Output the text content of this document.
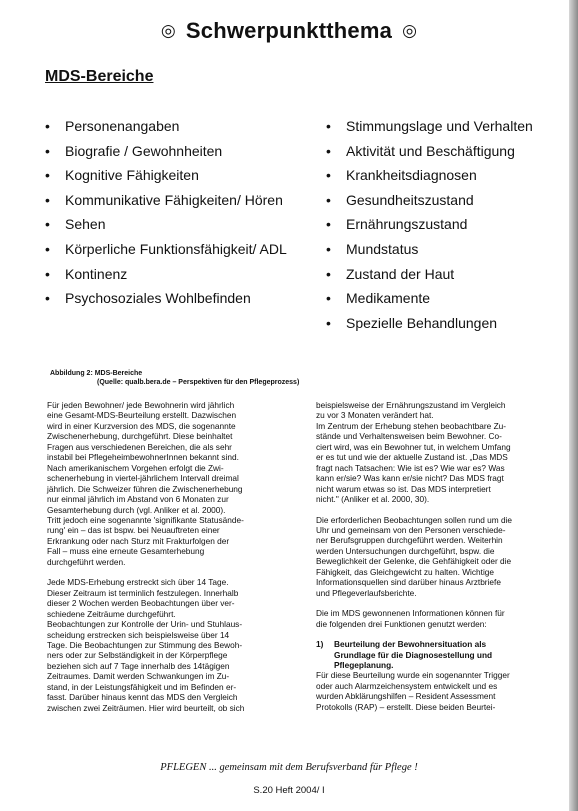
◎ Schwerpunktthema ◎
MDS-Bereiche
• Personenangaben
• Biografie / Gewohnheiten
• Kognitive Fähigkeiten
• Kommunikative Fähigkeiten/ Hören
• Sehen
• Körperliche Funktionsfähigkeit/ ADL
• Kontinenz
• Psychosoziales Wohlbefinden
• Stimmungslage und Verhalten
• Aktivität und Beschäftigung
• Krankheitsdiagnosen
• Gesundheitszustand
• Ernährungszustand
• Mundstatus
• Zustand der Haut
• Medikamente
• Spezielle Behandlungen
Abbildung 2: MDS-Bereiche
(Quelle: qualb.bera.de – Perspektiven für den Pflegeprozess)

Für jeden Bewohner/ jede Bewohnerin wird jährlich
eine Gesamt-MDS-Beurteilung erstellt. Dazwischen
wird in einer Kurzversion des MDS, die sogenannte
Zwischenerhebung, durchgeführt. Diese beinhaltet
Fragen aus verschiedenen Bereichen, die als sehr
instabil bei PflegeheimbewohnerInnen bekannt sind.
Nach amerikanischem Vorgehen erfolgt die Zwi-
schenerhebung in viertel-jährlichem Intervall dreimal
jährlich. Die Schweizer führen die Zwischenerhebung
nur einmal jährlich im Abstand von 6 Monaten zur
Gesamterhebung durch (vgl. Anliker et al. 2000).
Tritt jedoch eine sogenannte 'signifikante Statusände-
rung' ein – das ist bspw. bei Neuauftreten einer
Erkrankung oder nach Sturz mit Frakturfolgen der
Fall – muss eine erneute Gesamterhebung
durchgeführt werden.

Jede MDS-Erhebung erstreckt sich über 14 Tage.
Dieser Zeitraum ist terminlich festzulegen. Innerhalb
dieser 2 Wochen werden Beobachtungen über ver-
schiedene Zeiträume durchgeführt.
Beobachtungen zur Kontrolle der Urin- und Stuhlaus-
scheidung erstrecken sich beispielsweise über 14
Tage. Die Beobachtungen zur Stimmung des Bewoh-
ners oder zur Selbständigkeit in der Körperpflege
beziehen sich auf 7 Tage innerhalb des 14tägigen
Zeitraumes. Damit werden Schwankungen im Zu-
stand, in der Leistungsfähigkeit und im Befinden er-
fasst. Darüber hinaus kennt das MDS den Vergleich
zwischen zwei Zeiträumen. Hier wird beurteilt, ob sich

beispielsweise der Ernährungszustand im Vergleich
zu vor 3 Monaten verändert hat.
Im Zentrum der Erhebung stehen beobachtbare Zu-
stände und Verhaltensweisen beim Bewohner. Co-
ciert wird, was ein Bewohner tut, in welchem Umfang
er es tut und wie der aktuelle Zustand ist. „Das MDS
fragt nach Tatsachen: Wie ist es? Wie war es? Was
kann er/sie? Was kann er/sie nicht? Das MDS fragt
nicht warum etwas so ist. Das MDS interpretiert
nicht." (Anliker et al. 2000, 30).

Die erforderlichen Beobachtungen sollen rund um die
Uhr und gemeinsam von den Personen verschiede-
ner Berufsgruppen durchgeführt werden. Weiterhin
werden Untersuchungen durchgeführt, bspw. die
Beweglichkeit der Gelenke, die Gehfähigkeit oder die
Fähigkeit, das Gleichgewicht zu halten. Wichtige
Informationsquellen sind darüber hinaus Arztbriefe
und Pflegeverlaufsberichte.

Die im MDS gewonnenen Informationen können für
die folgenden drei Funktionen genutzt werden:

1)	Beurteilung der Bewohnersituation als
Grundlage für die Diagnosestellung und
Pflegeplanung.

Für diese Beurteilung wurde ein sogenannter Trigger
oder auch Alarmzeichensystem entwickelt und es
wurden Abklärungshilfen – Resident Assessment
Protokolls (RAP) – erstellt. Diese beiden Beurtei-

PFLEGEN ... gemeinsam mit dem Berufsverband für Pflege !
S.20 Heft 2004/ I
